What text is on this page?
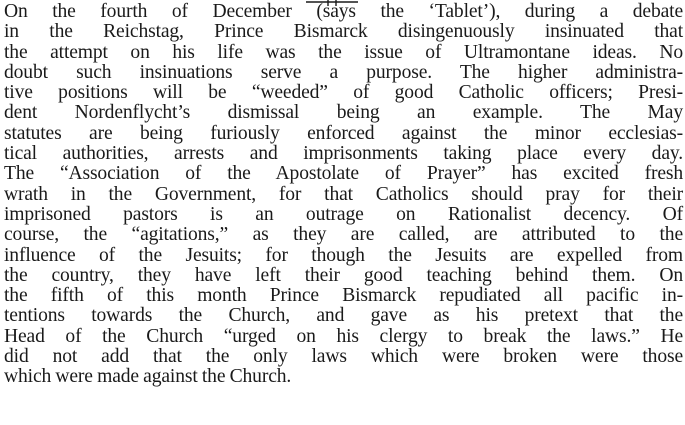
On the fourth of December (says the ‘Tablet’), during a debate
in the Reichstag, Prince Bismarck disingenuously insinuated that
the attempt on his life was the issue of Ultramontane ideas. No
doubt such insinuations serve a purpose. The higher administra-
tive positions will be “weeded” of good Catholic officers; Presi-
dent Nordenflycht’s dismissal being an example. The May
statutes are being furiously enforced against the minor ecclesias-
tical authorities, arrests and imprisonments taking place every day.
The “Association of the Apostolate of Prayer” has excited fresh
wrath in the Government, for that Catholics should pray for their
imprisoned pastors is an outrage on Rationalist decency. Of
course, the “agitations,” as they are called, are attributed to the
influence of the Jesuits; for though the Jesuits are expelled from
the country, they have left their good teaching behind them. On
the fifth of this month Prince Bismarck repudiated all pacific in-
tentions towards the Church, and gave as his pretext that the
Head of the Church “urged on his clergy to break the laws.” He
did not add that the only laws which were broken were those
which were made against the Church.
